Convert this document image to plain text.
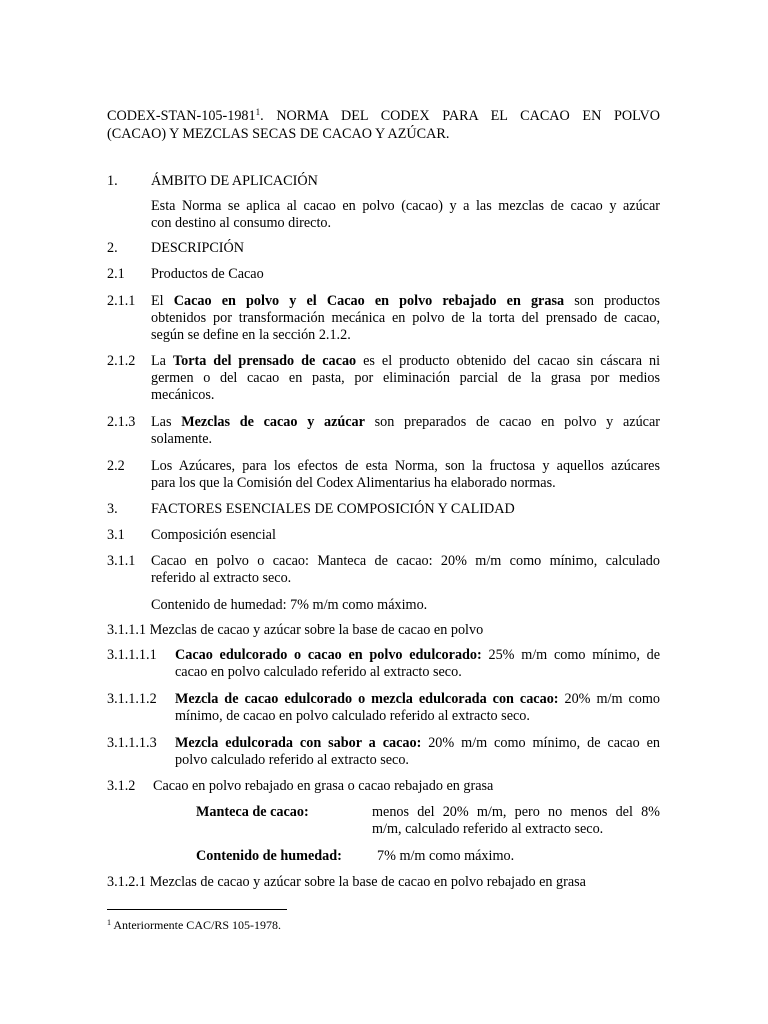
CODEX-STAN-105-1981$^1$. NORMA DEL CODEX PARA EL CACAO EN POLVO
(CACAO) Y MEZCLAS SECAS DE CACAO Y AZÚCAR.
1. ÁMBITO DE APLICACIÓN
Esta Norma se aplica al cacao en polvo (cacao) y a las mezclas de cacao y azúcar
con destino al consumo directo.
2. DESCRIPCIÓN
2.1 Productos de Cacao
2.1.1 El Cacao en polvo y el Cacao en polvo rebajado en grasa son productos
obtenidos por transformación mecánica en polvo de la torta del prensado de cacao,
según se define en la sección 2.1.2.
2.1.2 La Torta del prensado de cacao es el producto obtenido del cacao sin cáscara ni
germen o del cacao en pasta, por eliminación parcial de la grasa por medios
mecánicos.
2.1.3 Las Mezclas de cacao y azúcar son preparados de cacao en polvo y azúcar
solamente.
2.2 Los Azúcares, para los efectos de esta Norma, son la fructosa y aquellos azúcares
para los que la Comisión del Codex Alimentarius ha elaborado normas.
3. FACTORES ESENCIALES DE COMPOSICIÓN Y CALIDAD
3.1 Composición esencial
3.1.1 Cacao en polvo o cacao: Manteca de cacao: 20% m/m como mínimo, calculado
referido al extracto seco.
Contenido de humedad: 7% m/m como máximo.
3.1.1.1 Mezclas de cacao y azúcar sobre la base de cacao en polvo
3.1.1.1.1 Cacao edulcorado o cacao en polvo edulcorado: 25% m/m como mínimo, de
cacao en polvo calculado referido al extracto seco.
3.1.1.1.2 Mezcla de cacao edulcorado o mezcla edulcorada con cacao: 20% m/m como
mínimo, de cacao en polvo calculado referido al extracto seco.
3.1.1.1.3 Mezcla edulcorada con sabor a cacao: 20% m/m como mínimo, de cacao en
polvo calculado referido al extracto seco.
3.1.2 Cacao en polvo rebajado en grasa o cacao rebajado en grasa
Manteca de cacao:	menos del 20% m/m, pero no menos del 8%
m/m, calculado referido al extracto seco.
Contenido de humedad: 7% m/m como máximo.
3.1.2.1 Mezclas de cacao y azúcar sobre la base de cacao en polvo rebajado en grasa
$^1$ Anteriormente CAC/RS 105-1978.
